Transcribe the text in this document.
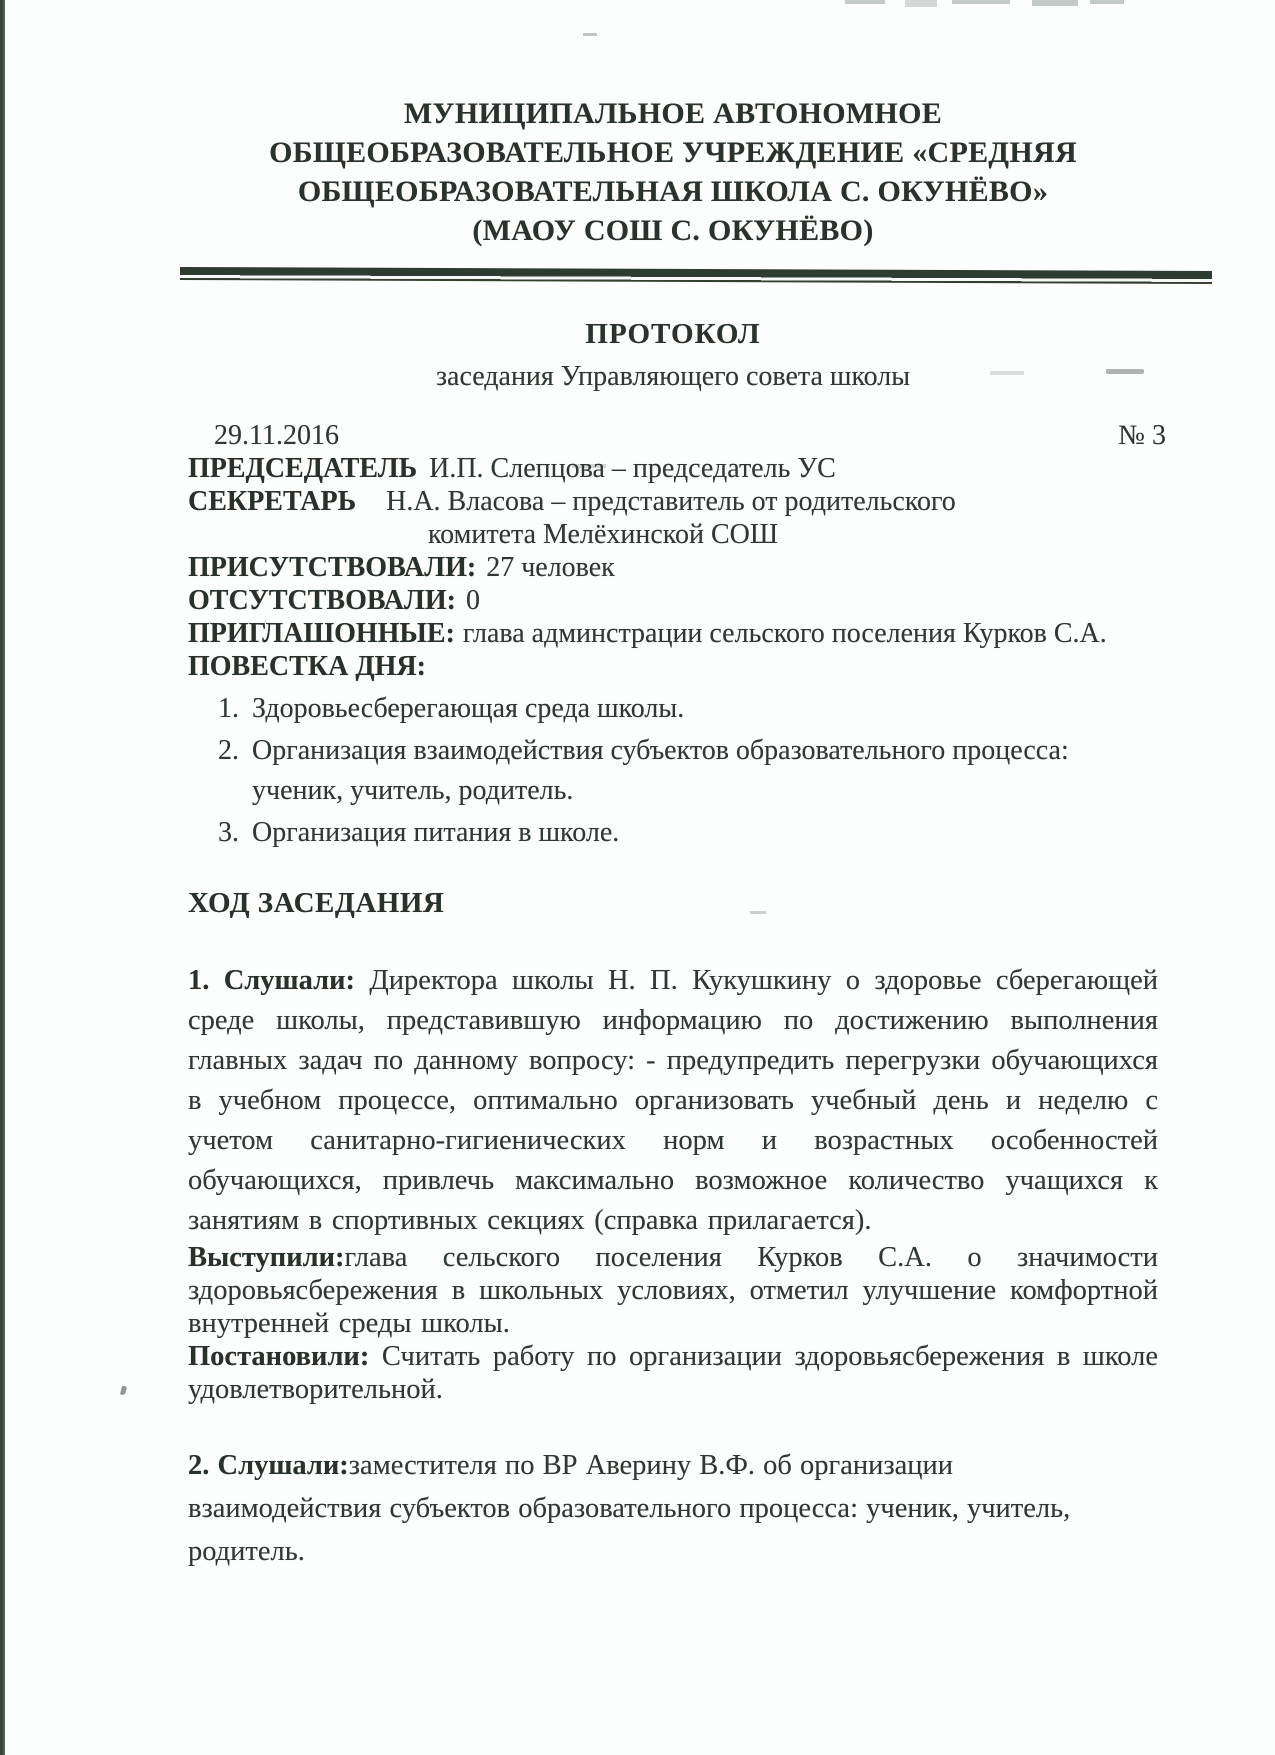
МУНИЦИПАЛЬНОЕ АВТОНОМНОЕ
ОБЩЕОБРАЗОВАТЕЛЬНОЕ УЧРЕЖДЕНИЕ «СРЕДНЯЯ
ОБЩЕОБРАЗОВАТЕЛЬНАЯ ШКОЛА С. ОКУНЁВО»
(МАОУ СОШ С. ОКУНЁВО)
ПРОТОКОЛ
заседания Управляющего совета школы
29.11.2016	№ 3

ПРЕДСЕДАТЕЛЬ И.П. Слепцова – председатель УС

СЕКРЕТАРЬ Н.А. Власова – представитель от родительского

комитета Мелёхинской СОШ

ПРИСУТСТВОВАЛИ: 27 человек

ОТСУТСТВОВАЛИ: 0

ПРИГЛАШОННЫЕ: глава админстрации сельского поселения Курков С.А.

ПОВЕСТКА ДНЯ:

1. Здоровьесберегающая среда школы.
2. Организация взаимодействия субъектов образовательного процесса: ученик, учитель, родитель.
3. Организация питания в школе.
ХОД ЗАСЕДАНИЯ

1. Слушали: Директора школы Н. П. Кукушкину о здоровье сберегающей среде школы, представившую информацию по достижению выполнения главных задач по данному вопросу: - предупредить перегрузки обучающихся в учебном процессе, оптимально организовать учебный день и неделю с учетом санитарно-гигиенических норм и возрастных особенностей обучающихся, привлечь максимально возможное количество учащихся к занятиям в спортивных секциях (справка прилагается).

Выступили:глава сельского поселения Курков С.А. о значимости здоровьясбережения в школьных условиях, отметил улучшение комфортной внутренней среды школы.

Постановили: Считать работу по организации здоровьясбережения в школе удовлетворительной.

2. Слушали:заместителя по ВР Аверину В.Ф. об организации
взаимодействия субъектов образовательного процесса: ученик, учитель, родитель.
